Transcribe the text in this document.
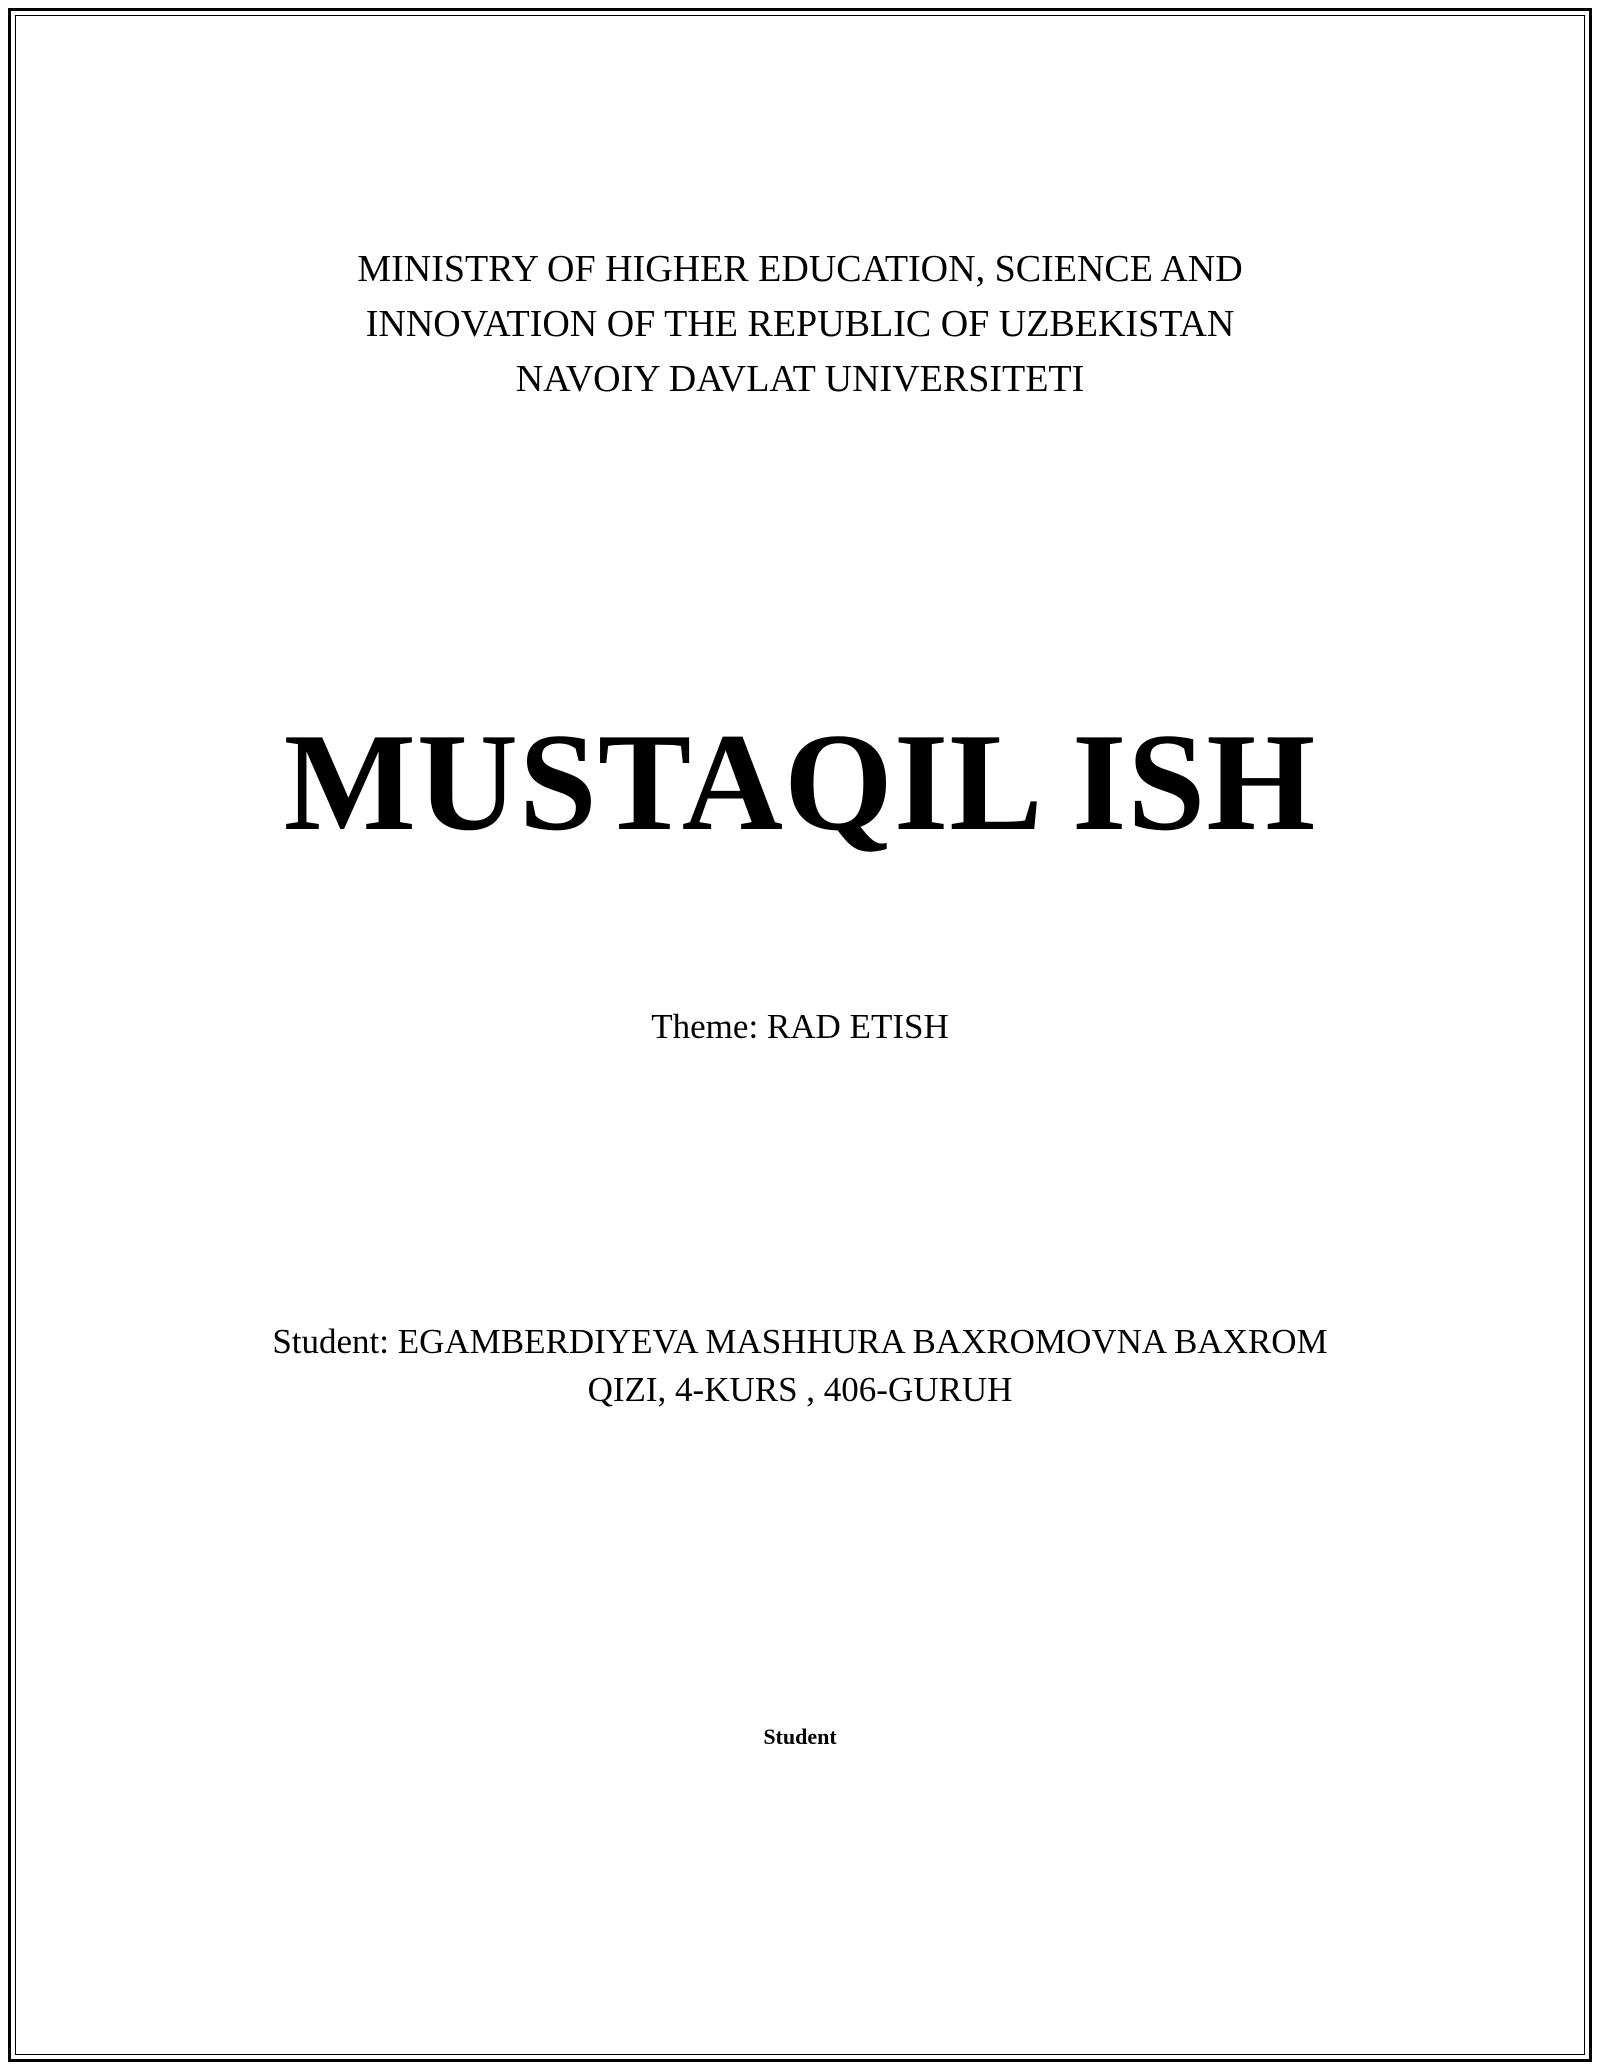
MINISTRY OF HIGHER EDUCATION, SCIENCE AND
INNOVATION OF THE REPUBLIC OF UZBEKISTAN
NAVOIY DAVLAT UNIVERSITETI
MUSTAQIL ISH
Theme: RAD ETISH
Student: EGAMBERDIYEVA MASHHURA BAXROMOVNA BAXROM
QIZI, 4-KURS , 406-GURUH
Student
